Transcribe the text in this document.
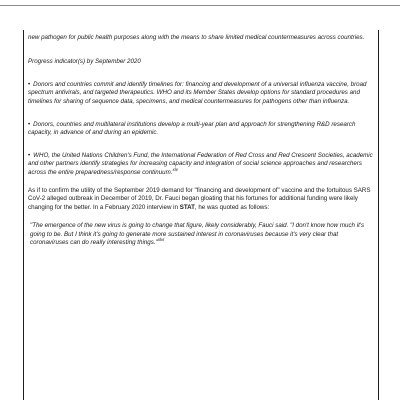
new pathogen for public health purposes along with the means to share limited medical countermeasures across countries.

Progress indicator(s) by September 2020

• Donors and countries commit and identify timelines for: financing and development of a universal influenza vaccine, broad spectrum antivirals, and targeted therapeutics. WHO and its Member States develop options for standard procedures and timelines for sharing of sequence data, specimens, and medical countermeasures for pathogens other than influenza.

• Donors, countries and multilateral institutions develop a multi-year plan and approach for strengthening R&D research capacity, in advance of and during an epidemic.

• WHO, the United Nations Children's Fund, the International Federation of Red Cross and Red Crescent Societies, academic and other partners identify strategies for increasing capacity and integration of social science approaches and researchers across the entire preparedness/response continuum.$^{xlv}$

As if to confirm the utility of the September 2019 demand for "financing and development of" vaccine and the fortuitous SARS CoV-2 alleged outbreak in December of 2019, Dr. Fauci began gloating that his fortunes for additional funding were likely changing for the better. In a February 2020 interview in STAT, he was quoted as follows:

"The emergence of the new virus is going to change that figure, likely considerably, Fauci said. "I don't know how much it's going to be. But I think it's going to generate more sustained interest in coronaviruses because it's very clear that coronaviruses can do really interesting things."$^{xlvi}$
